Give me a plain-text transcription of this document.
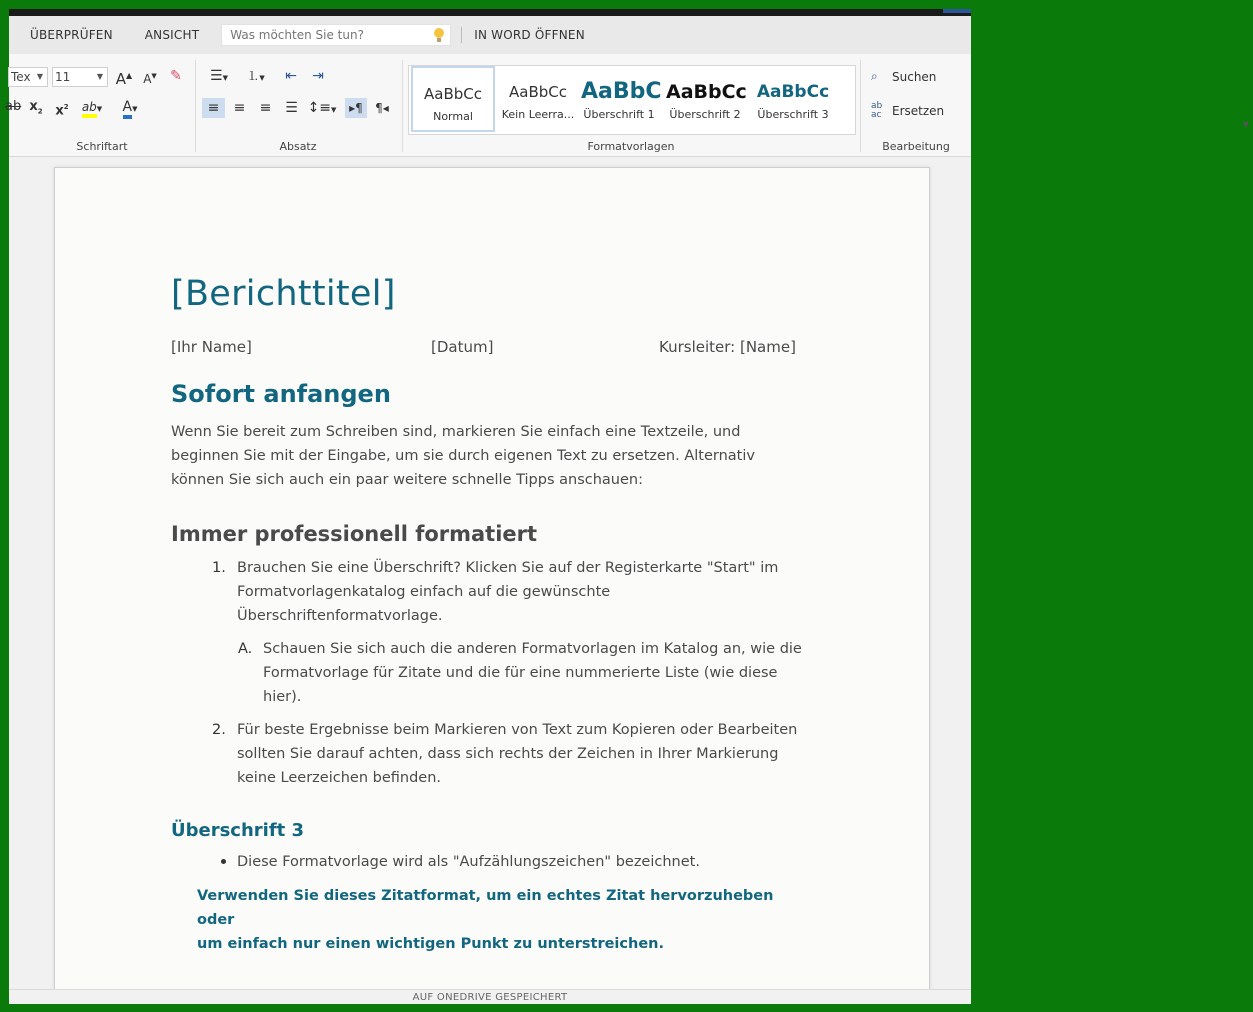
ÜBERPRÜFEN	ANSICHT
Was möchten Sie tun?	IN WORD ÖFFNEN
Tex ▼ 11	▼ A▲ A▼ ✎
ab $x_2$ $x^2$	ab▼	A▼
Schriftart
☰▼	⒈▼	⇤ ⇥
≡	≡	≡ ☰ ↕≡▼	▸¶	¶◂
Absatz
AaBbCc
Normal
AaBbCc
Kein Leerra...
AaBbC
Überschrift 1
AaBbCc
Überschrift 2
AaBbCc
Überschrift 3
▼
Formatvorlagen
⌕	Suchen
ab
ac Ersetzen
Bearbeitung
[Berichttitel]
[Ihr Name]	[Datum]	Kursleiter: [Name]
Sofort anfangen
Wenn Sie bereit zum Schreiben sind, markieren Sie einfach eine Textzeile, und
beginnen Sie mit der Eingabe, um sie durch eigenen Text zu ersetzen. Alternativ
können Sie sich auch ein paar weitere schnelle Tipps anschauen:
Immer professionell formatiert
1. Brauchen Sie eine Überschrift? Klicken Sie auf der Registerkarte "Start" im
Formatvorlagenkatalog einfach auf die gewünschte
Überschriftenformatvorlage.
A. Schauen Sie sich auch die anderen Formatvorlagen im Katalog an, wie die
Formatvorlage für Zitate und die für eine nummerierte Liste (wie diese
hier).
2. Für beste Ergebnisse beim Markieren von Text zum Kopieren oder Bearbeiten
sollten Sie darauf achten, dass sich rechts der Zeichen in Ihrer Markierung
keine Leerzeichen befinden.
Überschrift 3
Diese Formatvorlage wird als "Aufzählungszeichen" bezeichnet.
Verwenden Sie dieses Zitatformat, um ein echtes Zitat hervorzuheben oder
um einfach nur einen wichtigen Punkt zu unterstreichen.
AUF ONEDRIVE GESPEICHERT
